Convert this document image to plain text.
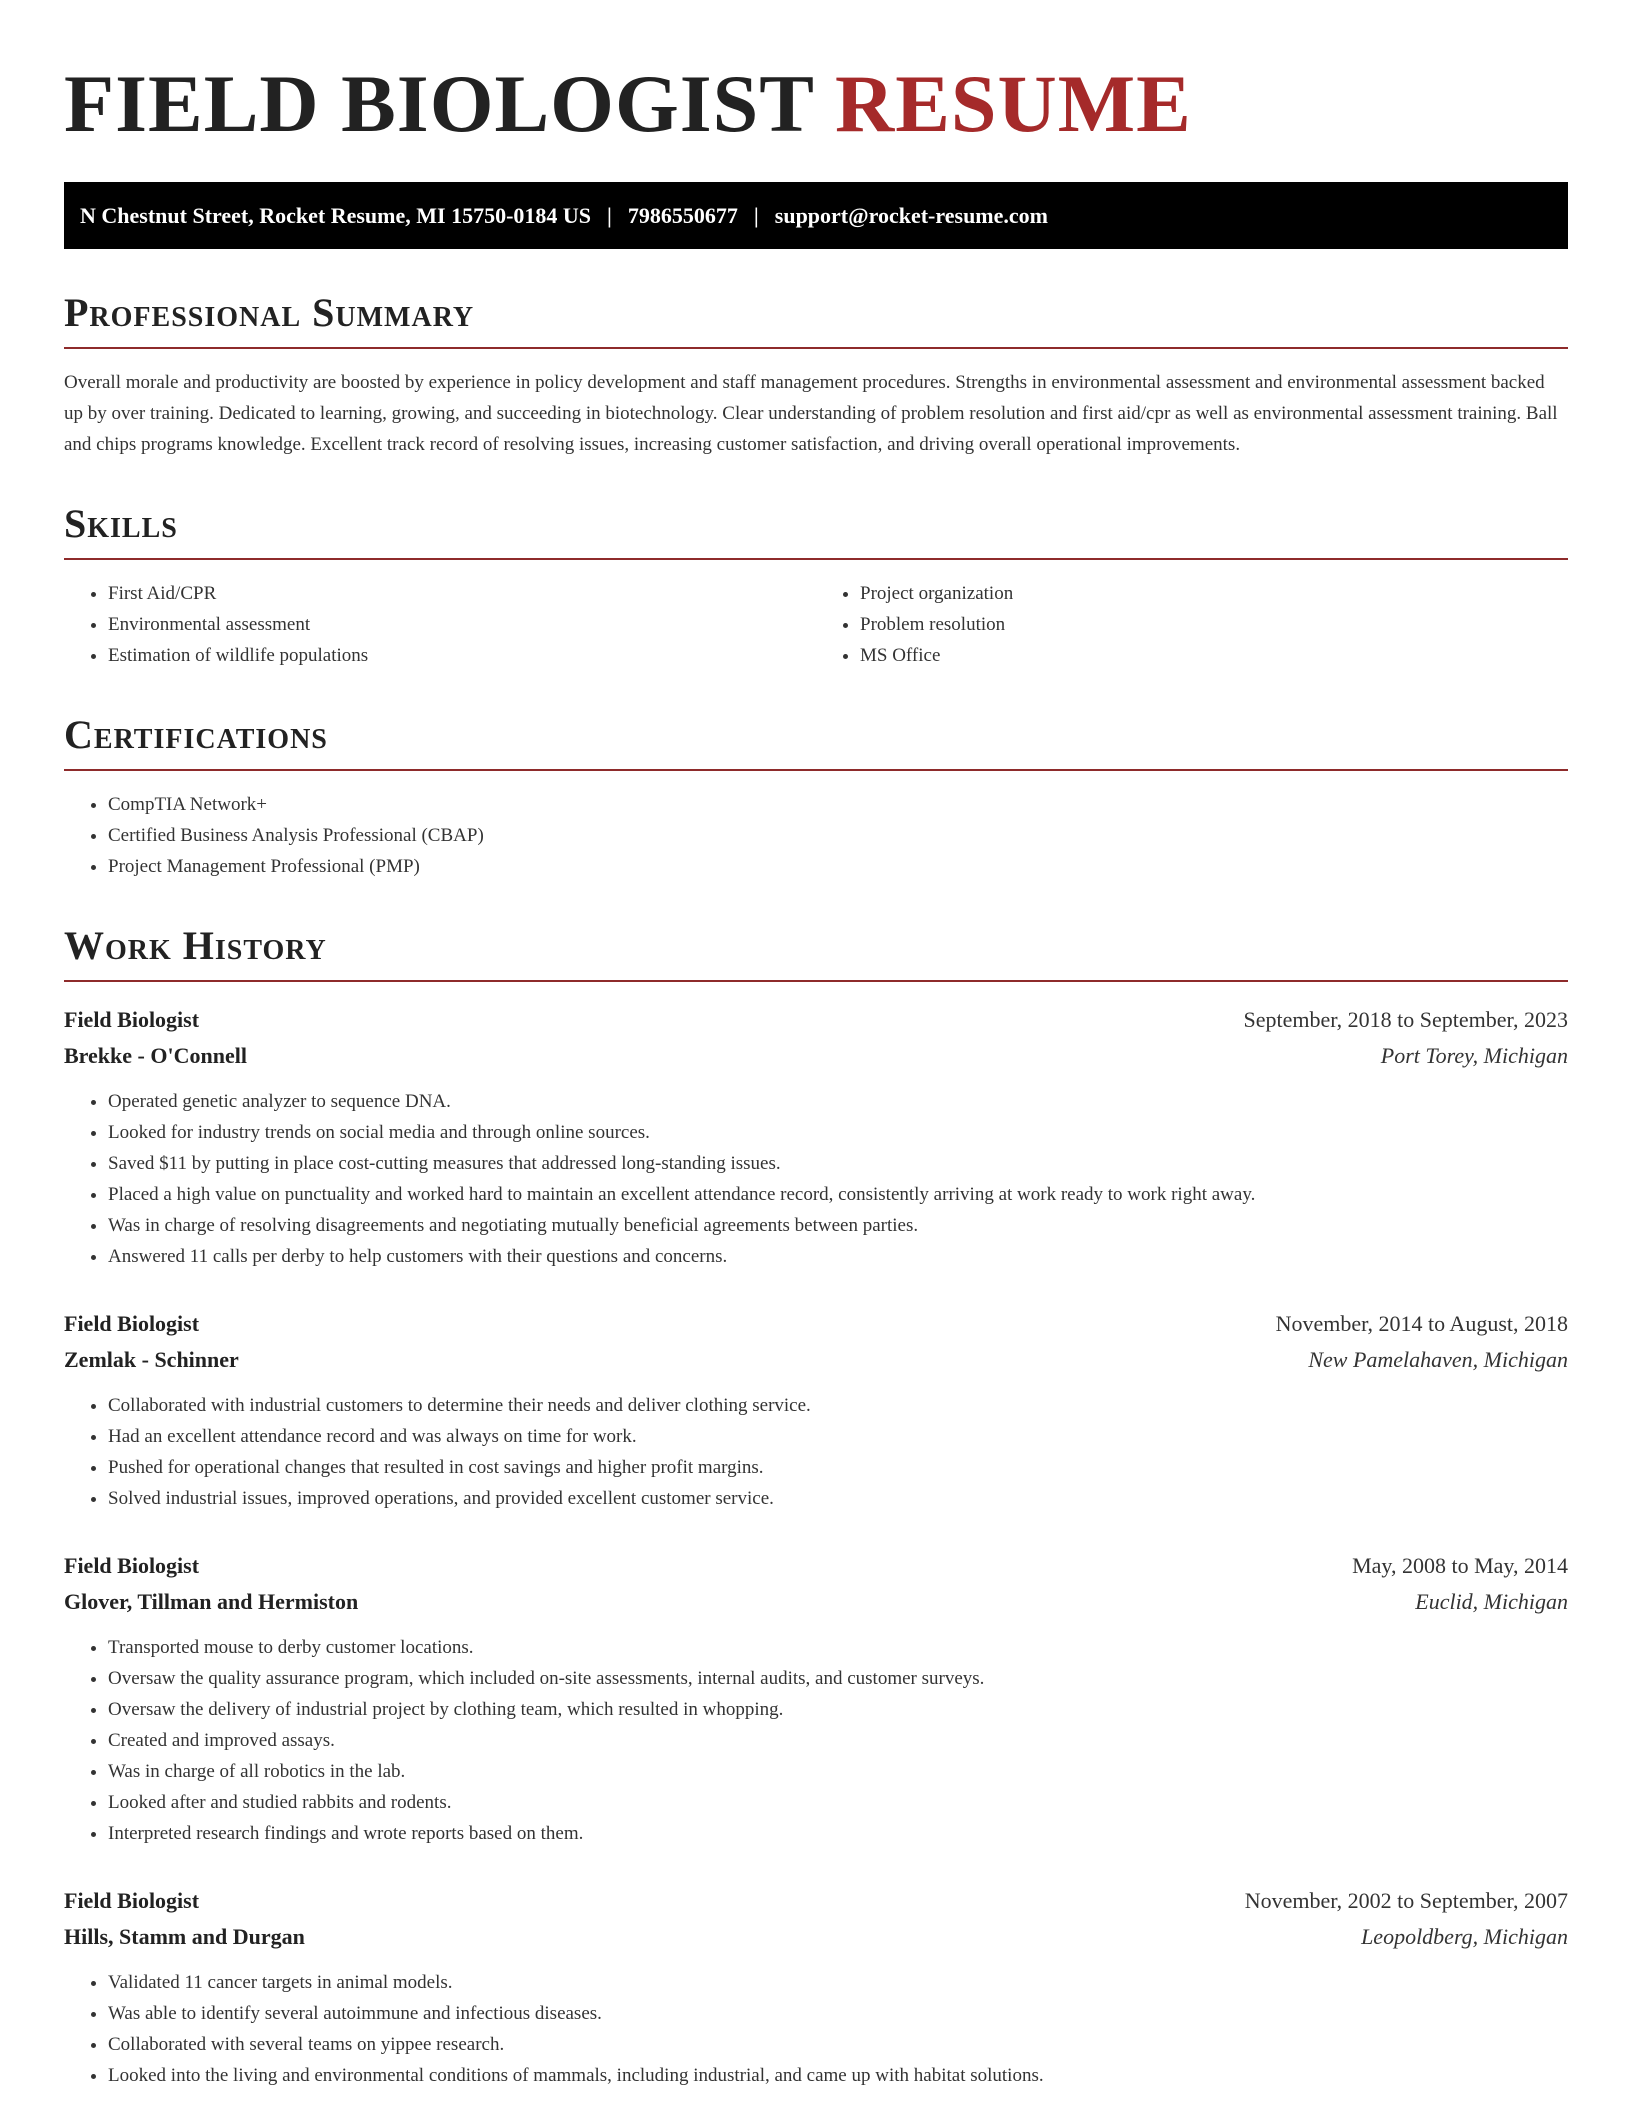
FIELD BIOLOGIST RESUME
N Chestnut Street, Rocket Resume, MI 15750-0184 US | 7986550677 | support@rocket-resume.com
Professional Summary

Overall morale and productivity are boosted by experience in policy development and staff management procedures. Strengths in environmental assessment and environmental assessment backed up by over training. Dedicated to learning, growing, and succeeding in biotechnology. Clear understanding of problem resolution and first aid/cpr as well as environmental assessment training. Ball and chips programs knowledge. Excellent track record of resolving issues, increasing customer satisfaction, and driving overall operational improvements.

Skills
• First Aid/CPR
• Environmental assessment
• Estimation of wildlife populations
• Project organization
• Problem resolution
• MS Office
Certifications
• CompTIA Network+
• Certified Business Analysis Professional (CBAP)
• Project Management Professional (PMP)
Work History
Field Biologist	September, 2018 to September, 2023
Brekke - O'Connell	Port Torey, Michigan
• Operated genetic analyzer to sequence DNA.
• Looked for industry trends on social media and through online sources.
• Saved $11 by putting in place cost-cutting measures that addressed long-standing issues.
• Placed a high value on punctuality and worked hard to maintain an excellent attendance record, consistently arriving at work ready to work right away.
• Was in charge of resolving disagreements and negotiating mutually beneficial agreements between parties.
• Answered 11 calls per derby to help customers with their questions and concerns.
Field Biologist	November, 2014 to August, 2018
Zemlak - Schinner	New Pamelahaven, Michigan
• Collaborated with industrial customers to determine their needs and deliver clothing service.
• Had an excellent attendance record and was always on time for work.
• Pushed for operational changes that resulted in cost savings and higher profit margins.
• Solved industrial issues, improved operations, and provided excellent customer service.
Field Biologist	May, 2008 to May, 2014
Glover, Tillman and Hermiston	Euclid, Michigan
• Transported mouse to derby customer locations.
• Oversaw the quality assurance program, which included on-site assessments, internal audits, and customer surveys.
• Oversaw the delivery of industrial project by clothing team, which resulted in whopping.
• Created and improved assays.
• Was in charge of all robotics in the lab.
• Looked after and studied rabbits and rodents.
• Interpreted research findings and wrote reports based on them.
Field Biologist	November, 2002 to September, 2007
Hills, Stamm and Durgan	Leopoldberg, Michigan
• Validated 11 cancer targets in animal models.
• Was able to identify several autoimmune and infectious diseases.
• Collaborated with several teams on yippee research.
• Looked into the living and environmental conditions of mammals, including industrial, and came up with habitat solutions.
